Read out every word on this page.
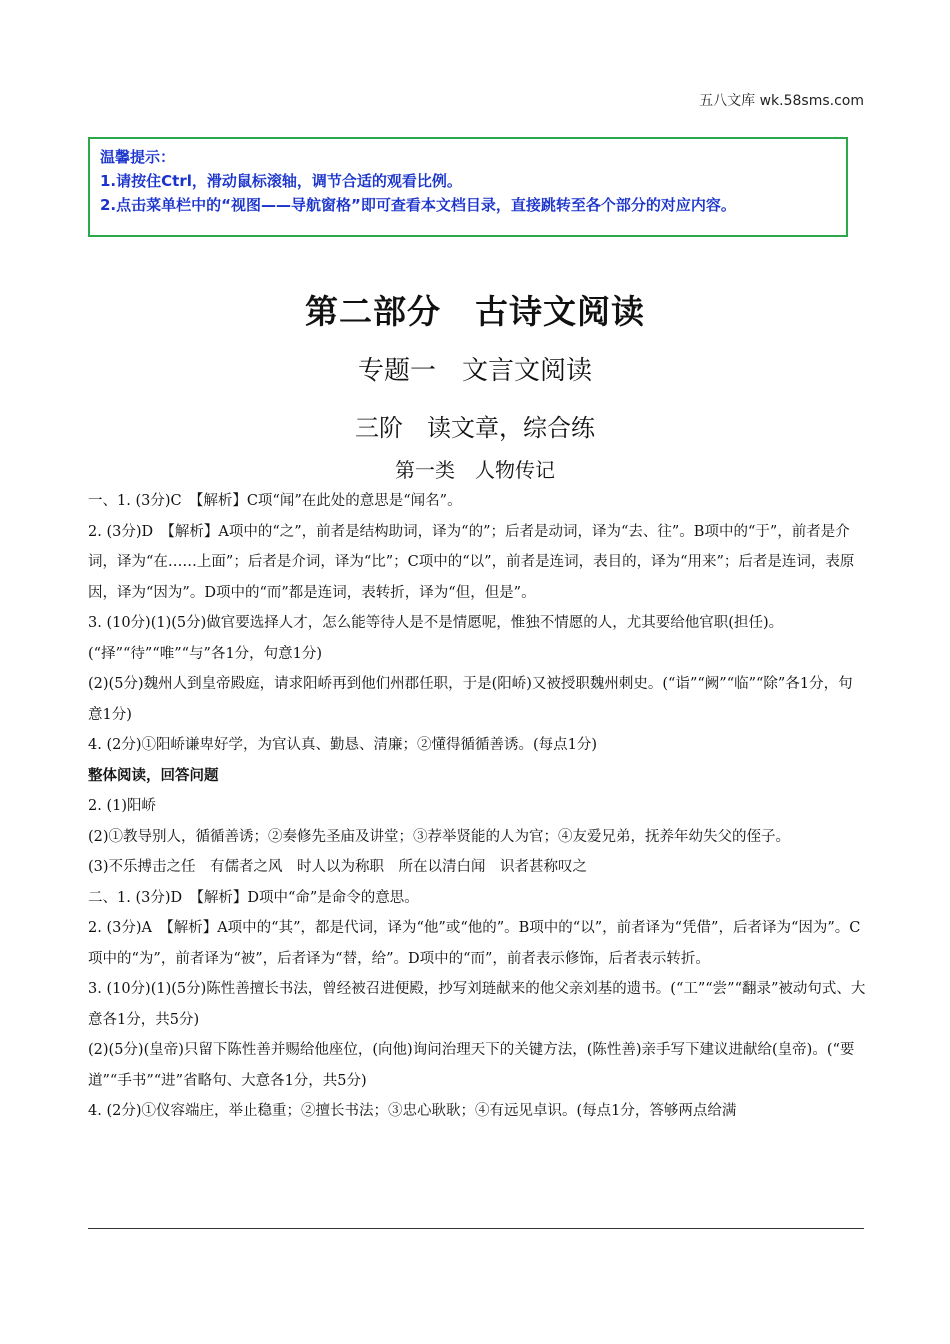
五八文库 wk.58sms.com
温馨提示：
1.请按住Ctrl，滑动鼠标滚轴，调节合适的观看比例。
2.点击菜单栏中的“视图——导航窗格”即可查看本文档目录，直接跳转至各个部分的对应内容。
第二部分　古诗文阅读
专题一　文言文阅读
三阶　读文章，综合练
第一类　人物传记

一、1. (3分)C　【解析】C项“闻”在此处的意思是“闻名”。

2. (3分)D　【解析】A项中的“之”，前者是结构助词，译为“的”；后者是动词，译为“去、往”。B项中的“于”，前者是介词，译为“在……上面”；后者是介词，译为“比”；C项中的“以”，前者是连词，表目的，译为“用来”；后者是连词，表原因，译为“因为”。D项中的“而”都是连词，表转折，译为“但，但是”。

3. (10分)(1)(5分)做官要选择人才，怎么能等待人是不是情愿呢，惟独不情愿的人，尤其要给他官职(担任)。(“择”“待”“唯”“与”各1分，句意1分)

(2)(5分)魏州人到皇帝殿庭，请求阳峤再到他们州郡任职，于是(阳峤)又被授职魏州刺史。(“诣”“阙”“临”“除”各1分，句意1分)

4. (2分)①阳峤谦卑好学，为官认真、勤恳、清廉；②懂得循循善诱。(每点1分)

整体阅读，回答问题

2. (1)阳峤

(2)①教导别人，循循善诱；②奏修先圣庙及讲堂；③荐举贤能的人为官；④友爱兄弟，抚养年幼失父的侄子。

(3)不乐搏击之任　有儒者之风　时人以为称职　所在以清白闻　识者甚称叹之

二、1. (3分)D　【解析】D项中“命”是命令的意思。

2. (3分)A　【解析】A项中的“其”，都是代词，译为“他”或“他的”。B项中的“以”，前者译为“凭借”，后者译为“因为”。C项中的“为”，前者译为“被”，后者译为“替，给”。D项中的“而”，前者表示修饰，后者表示转折。

3. (10分)(1)(5分)陈性善擅长书法，曾经被召进便殿，抄写刘琏献来的他父亲刘基的遗书。(“工”“尝”“翻录”被动句式、大意各1分，共5分)

(2)(5分)(皇帝)只留下陈性善并赐给他座位，(向他)询问治理天下的关键方法，(陈性善)亲手写下建议进献给(皇帝)。(“要道”“手书”“进”省略句、大意各1分，共5分)

4. (2分)①仪容端庄，举止稳重；②擅长书法；③忠心耿耿；④有远见卓识。(每点1分，答够两点给满
